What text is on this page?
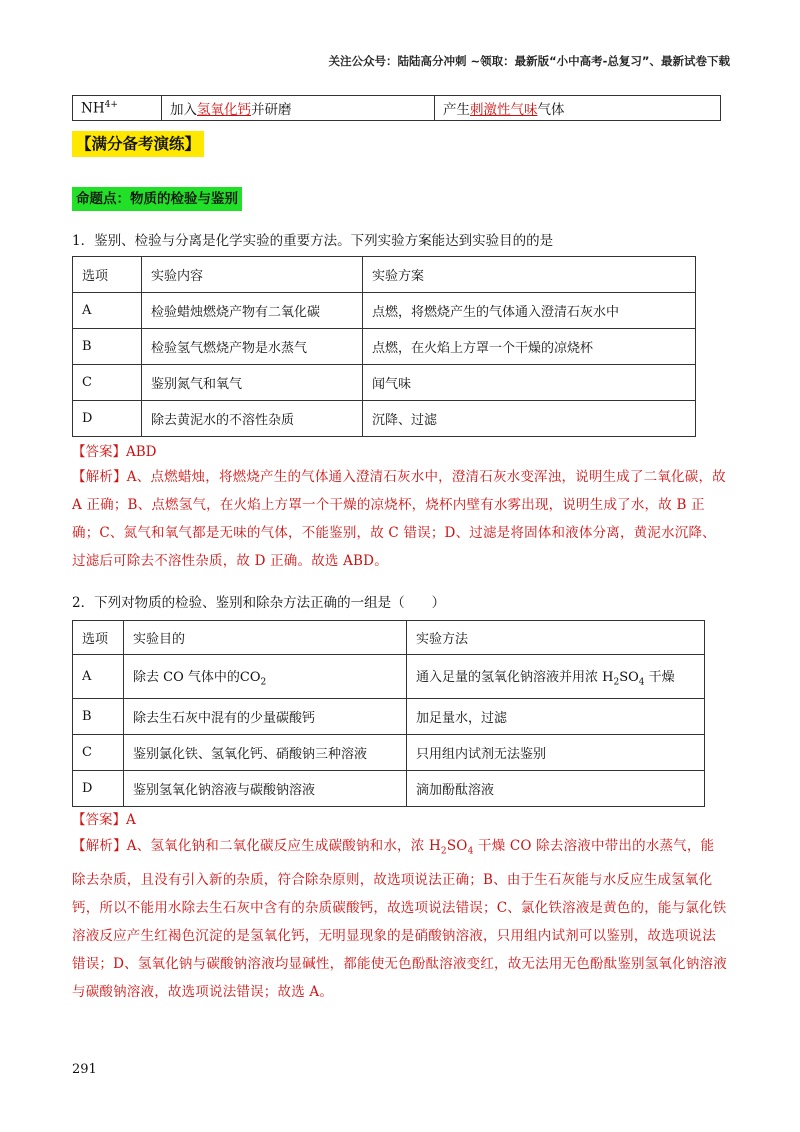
关注公众号：陆陆高分冲刺 ~领取：最新版“小中高考-总复习”、最新试卷下载
$NH^{4+}$	加入氢氧化钙并研磨	产生刺激性气味气体
【满分备考演练】
命题点：物质的检验与鉴别
1．鉴别、检验与分离是化学实验的重要方法。下列实验方案能达到实验目的的是
选项	实验内容	实验方案
A	检验蜡烛燃烧产物有二氧化碳	点燃，将燃烧产生的气体通入澄清石灰水中
B	检验氢气燃烧产物是水蒸气	点燃，在火焰上方罩一个干燥的凉烧杯
C	鉴别氮气和氧气	闻气味
D	除去黄泥水的不溶性杂质	沉降、过滤
【答案】ABD
【解析】A、点燃蜡烛，将燃烧产生的气体通入澄清石灰水中，澄清石灰水变浑浊，说明生成了二氧化碳，故 A 正确；B、点燃氢气，在火焰上方罩一个干燥的凉烧杯，烧杯内壁有水雾出现，说明生成了水，故 B 正确；C、氮气和氧气都是无味的气体，不能鉴别，故 C 错误；D、过滤是将固体和液体分离，黄泥水沉降、过滤后可除去不溶性杂质，故 D 正确。故选 ABD。
2．下列对物质的检验、鉴别和除杂方法正确的一组是（　　）
选项	实验目的	实验方法
A	除去 CO 气体中的$CO_2$	通入足量的氢氧化钠溶液并用浓 $H_2SO_4$ 干燥
B	除去生石灰中混有的少量碳酸钙	加足量水，过滤
C	鉴别氯化铁、氢氧化钙、硝酸钠三种溶液	只用组内试剂无法鉴别
D	鉴别氢氧化钠溶液与碳酸钠溶液	滴加酚酞溶液
【答案】A
【解析】A、氢氧化钠和二氧化碳反应生成碳酸钠和水，浓 $H_2SO_4$ 干燥 CO 除去溶液中带出的水蒸气，能除去杂质，且没有引入新的杂质，符合除杂原则，故选项说法正确；B、由于生石灰能与水反应生成氢氧化钙，所以不能用水除去生石灰中含有的杂质碳酸钙，故选项说法错误；C、氯化铁溶液是黄色的，能与氯化铁溶液反应产生红褐色沉淀的是氢氧化钙，无明显现象的是硝酸钠溶液，只用组内试剂可以鉴别，故选项说法错误；D、氢氧化钠与碳酸钠溶液均显碱性，都能使无色酚酞溶液变红，故无法用无色酚酞鉴别氢氧化钠溶液与碳酸钠溶液，故选项说法错误；故选 A。
291
